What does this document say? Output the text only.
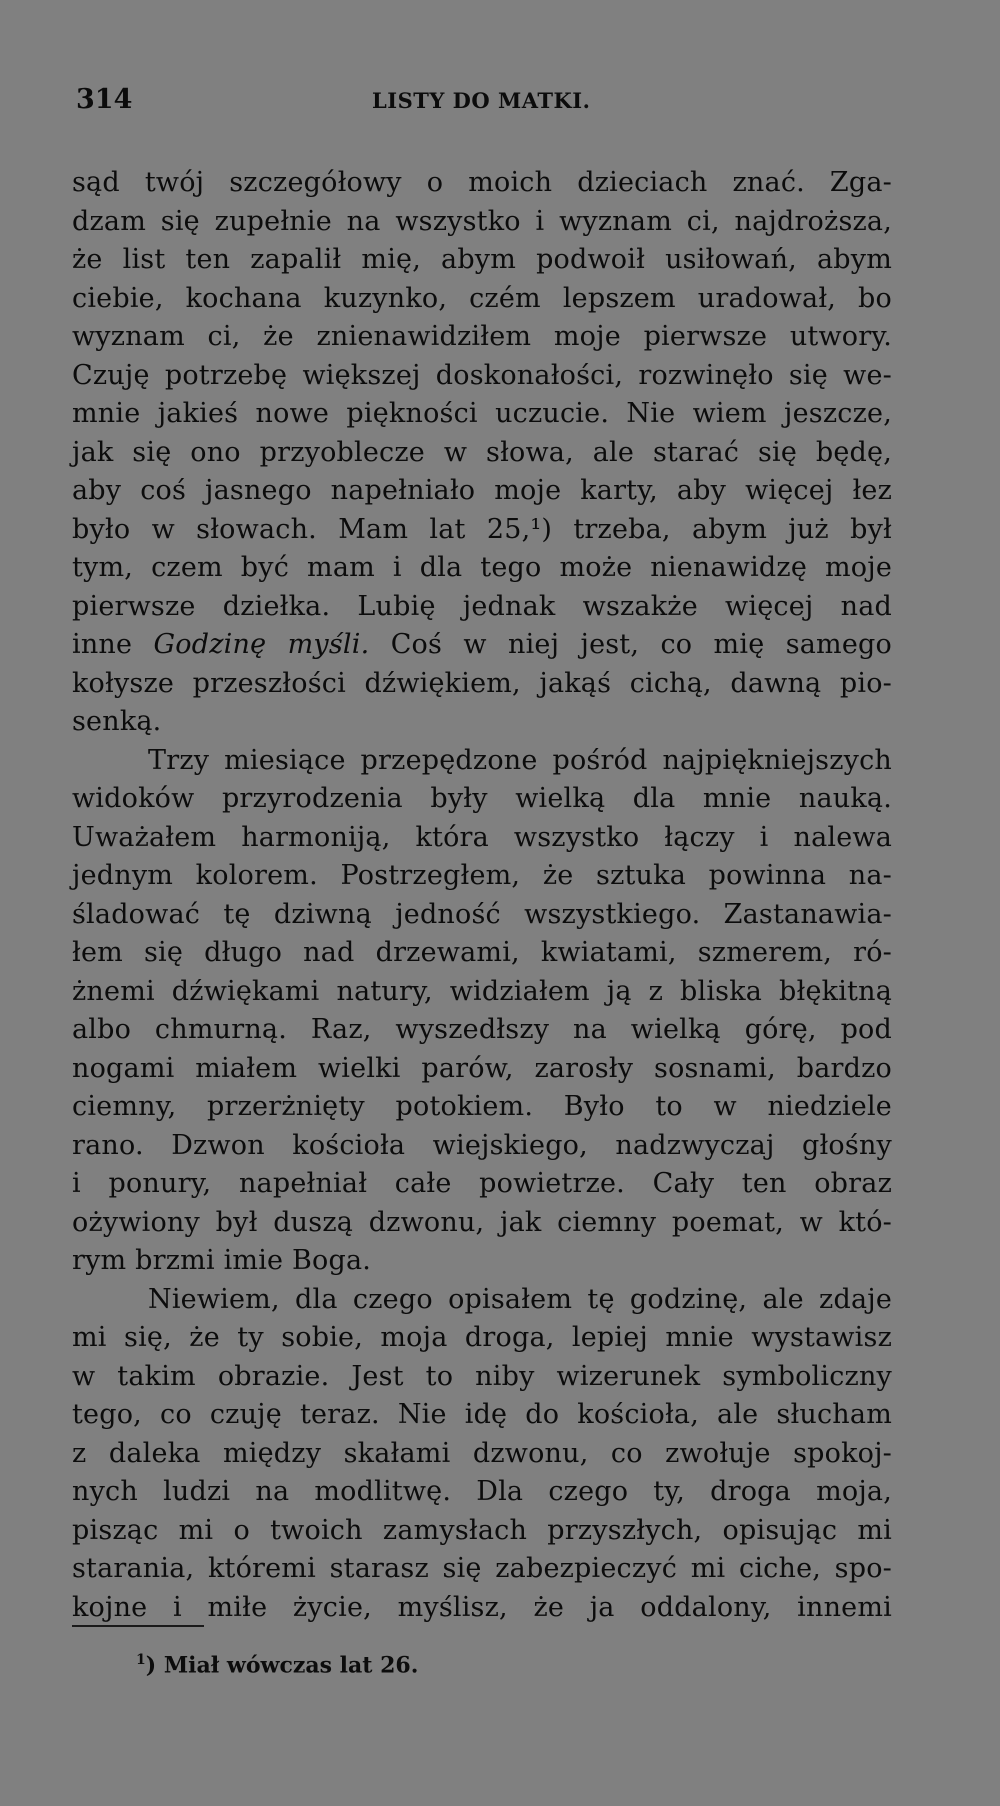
314	LISTY DO MATKI.
sąd twój szczegółowy o moich dzieciach znać. Zga-
dzam się zupełnie na wszystko i wyznam ci, najdroższa,
że list ten zapalił mię, abym podwoił usiłowań, abym
ciebie, kochana kuzynko, czém lepszem uradował, bo
wyznam ci, że znienawidziłem moje pierwsze utwory.
Czuję potrzebę większej doskonałości, rozwinęło się we-
mnie jakieś nowe piękności uczucie. Nie wiem jeszcze,
jak się ono przyoblecze w słowa, ale starać się będę,
aby coś jasnego napełniało moje karty, aby więcej łez
było w słowach. Mam lat 25,¹) trzeba, abym już był
tym, czem być mam i dla tego może nienawidzę moje
pierwsze dziełka. Lubię jednak wszakże więcej nad
inne Godzinę myśli. Coś w niej jest, co mię samego
kołysze przeszłości dźwiękiem, jakąś cichą, dawną pio-
senką.
Trzy miesiące przepędzone pośród najpiękniejszych
widoków przyrodzenia były wielką dla mnie nauką.
Uważałem harmoniją, która wszystko łączy i nalewa
jednym kolorem. Postrzegłem, że sztuka powinna na-
śladować tę dziwną jedność wszystkiego. Zastanawia-
łem się długo nad drzewami, kwiatami, szmerem, ró-
żnemi dźwiękami natury, widziałem ją z bliska błękitną
albo chmurną. Raz, wyszedłszy na wielką górę, pod
nogami miałem wielki parów, zarosły sosnami, bardzo
ciemny, przerżnięty potokiem. Było to w niedziele
rano. Dzwon kościoła wiejskiego, nadzwyczaj głośny
i ponury, napełniał całe powietrze. Cały ten obraz
ożywiony był duszą dzwonu, jak ciemny poemat, w któ-
rym brzmi imie Boga.
Niewiem, dla czego opisałem tę godzinę, ale zdaje
mi się, że ty sobie, moja droga, lepiej mnie wystawisz
w takim obrazie. Jest to niby wizerunek symboliczny
tego, co czuję teraz. Nie idę do kościoła, ale słucham
z daleka między skałami dzwonu, co zwołuje spokoj-
nych ludzi na modlitwę. Dla czego ty, droga moja,
pisząc mi o twoich zamysłach przyszłych, opisując mi
starania, któremi starasz się zabezpieczyć mi ciche, spo-
kojne i miłe życie, myślisz, że ja oddalony, innemi
$^1$) Miał wówczas lat 26.
